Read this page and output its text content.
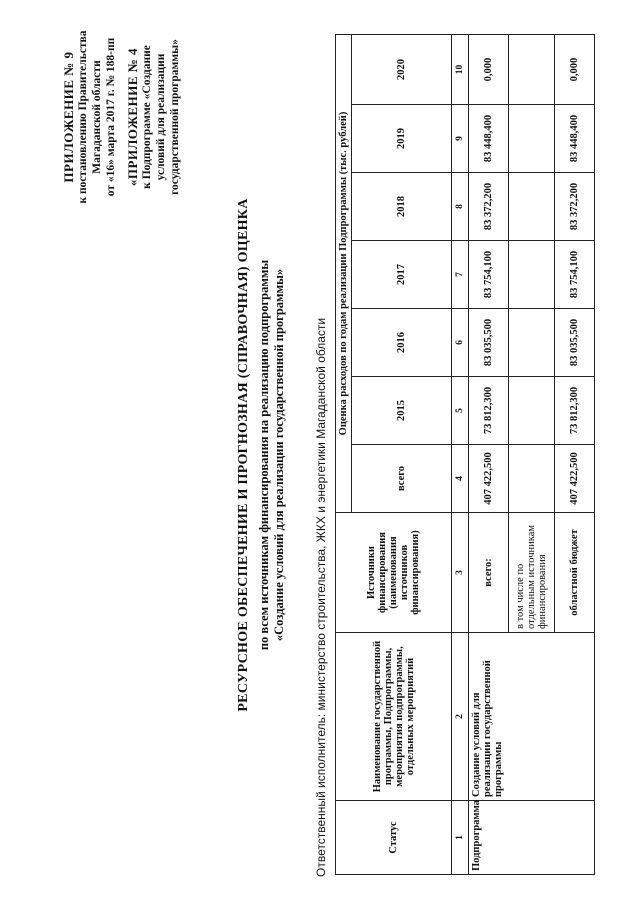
ПРИЛОЖЕНИЕ № 9 к постановлению Правительства Магаданской области от «16» марта 2017 г. № 188-пп «ПРИЛОЖЕНИЕ № 4 к Подпрограмме «Создание условий для реализации государственной программы»
РЕСУРСНОЕ ОБЕСПЕЧЕНИЕ И ПРОГНОЗНАЯ (СПРАВОЧНАЯ) ОЦЕНКА по всем источникам финансирования на реализацию подпрограммы «Создание условий для реализации государственной программы» Ответственный исполнитель: министерство строительства, ЖКХ и энергетики Магаданской области	Статус	Наименование государственной программы, Подпрограммы, мероприятия подпрограммы, отдельных мероприятий	Источники финансирования (наименования источников финансирования)	Оценка расходов по годам реализации Подпрограммы (тыс. рублей)						
			всего	2015	2016	2017	2018	2019	2020
1	2	3	4	5	6	7	8	9	10
Подпрограмма	Создание условий для реализации государственной программы	всего:	407 422,500	73 812,300	83 035,500	83 754,100	83 372,200	83 448,400	0,000
		в том числе по отдельным источникам финансирования							
		областной бюджет	407 422,500	73 812,300	83 035,500	83 754,100	83 372,200	83 448,400	0,000
